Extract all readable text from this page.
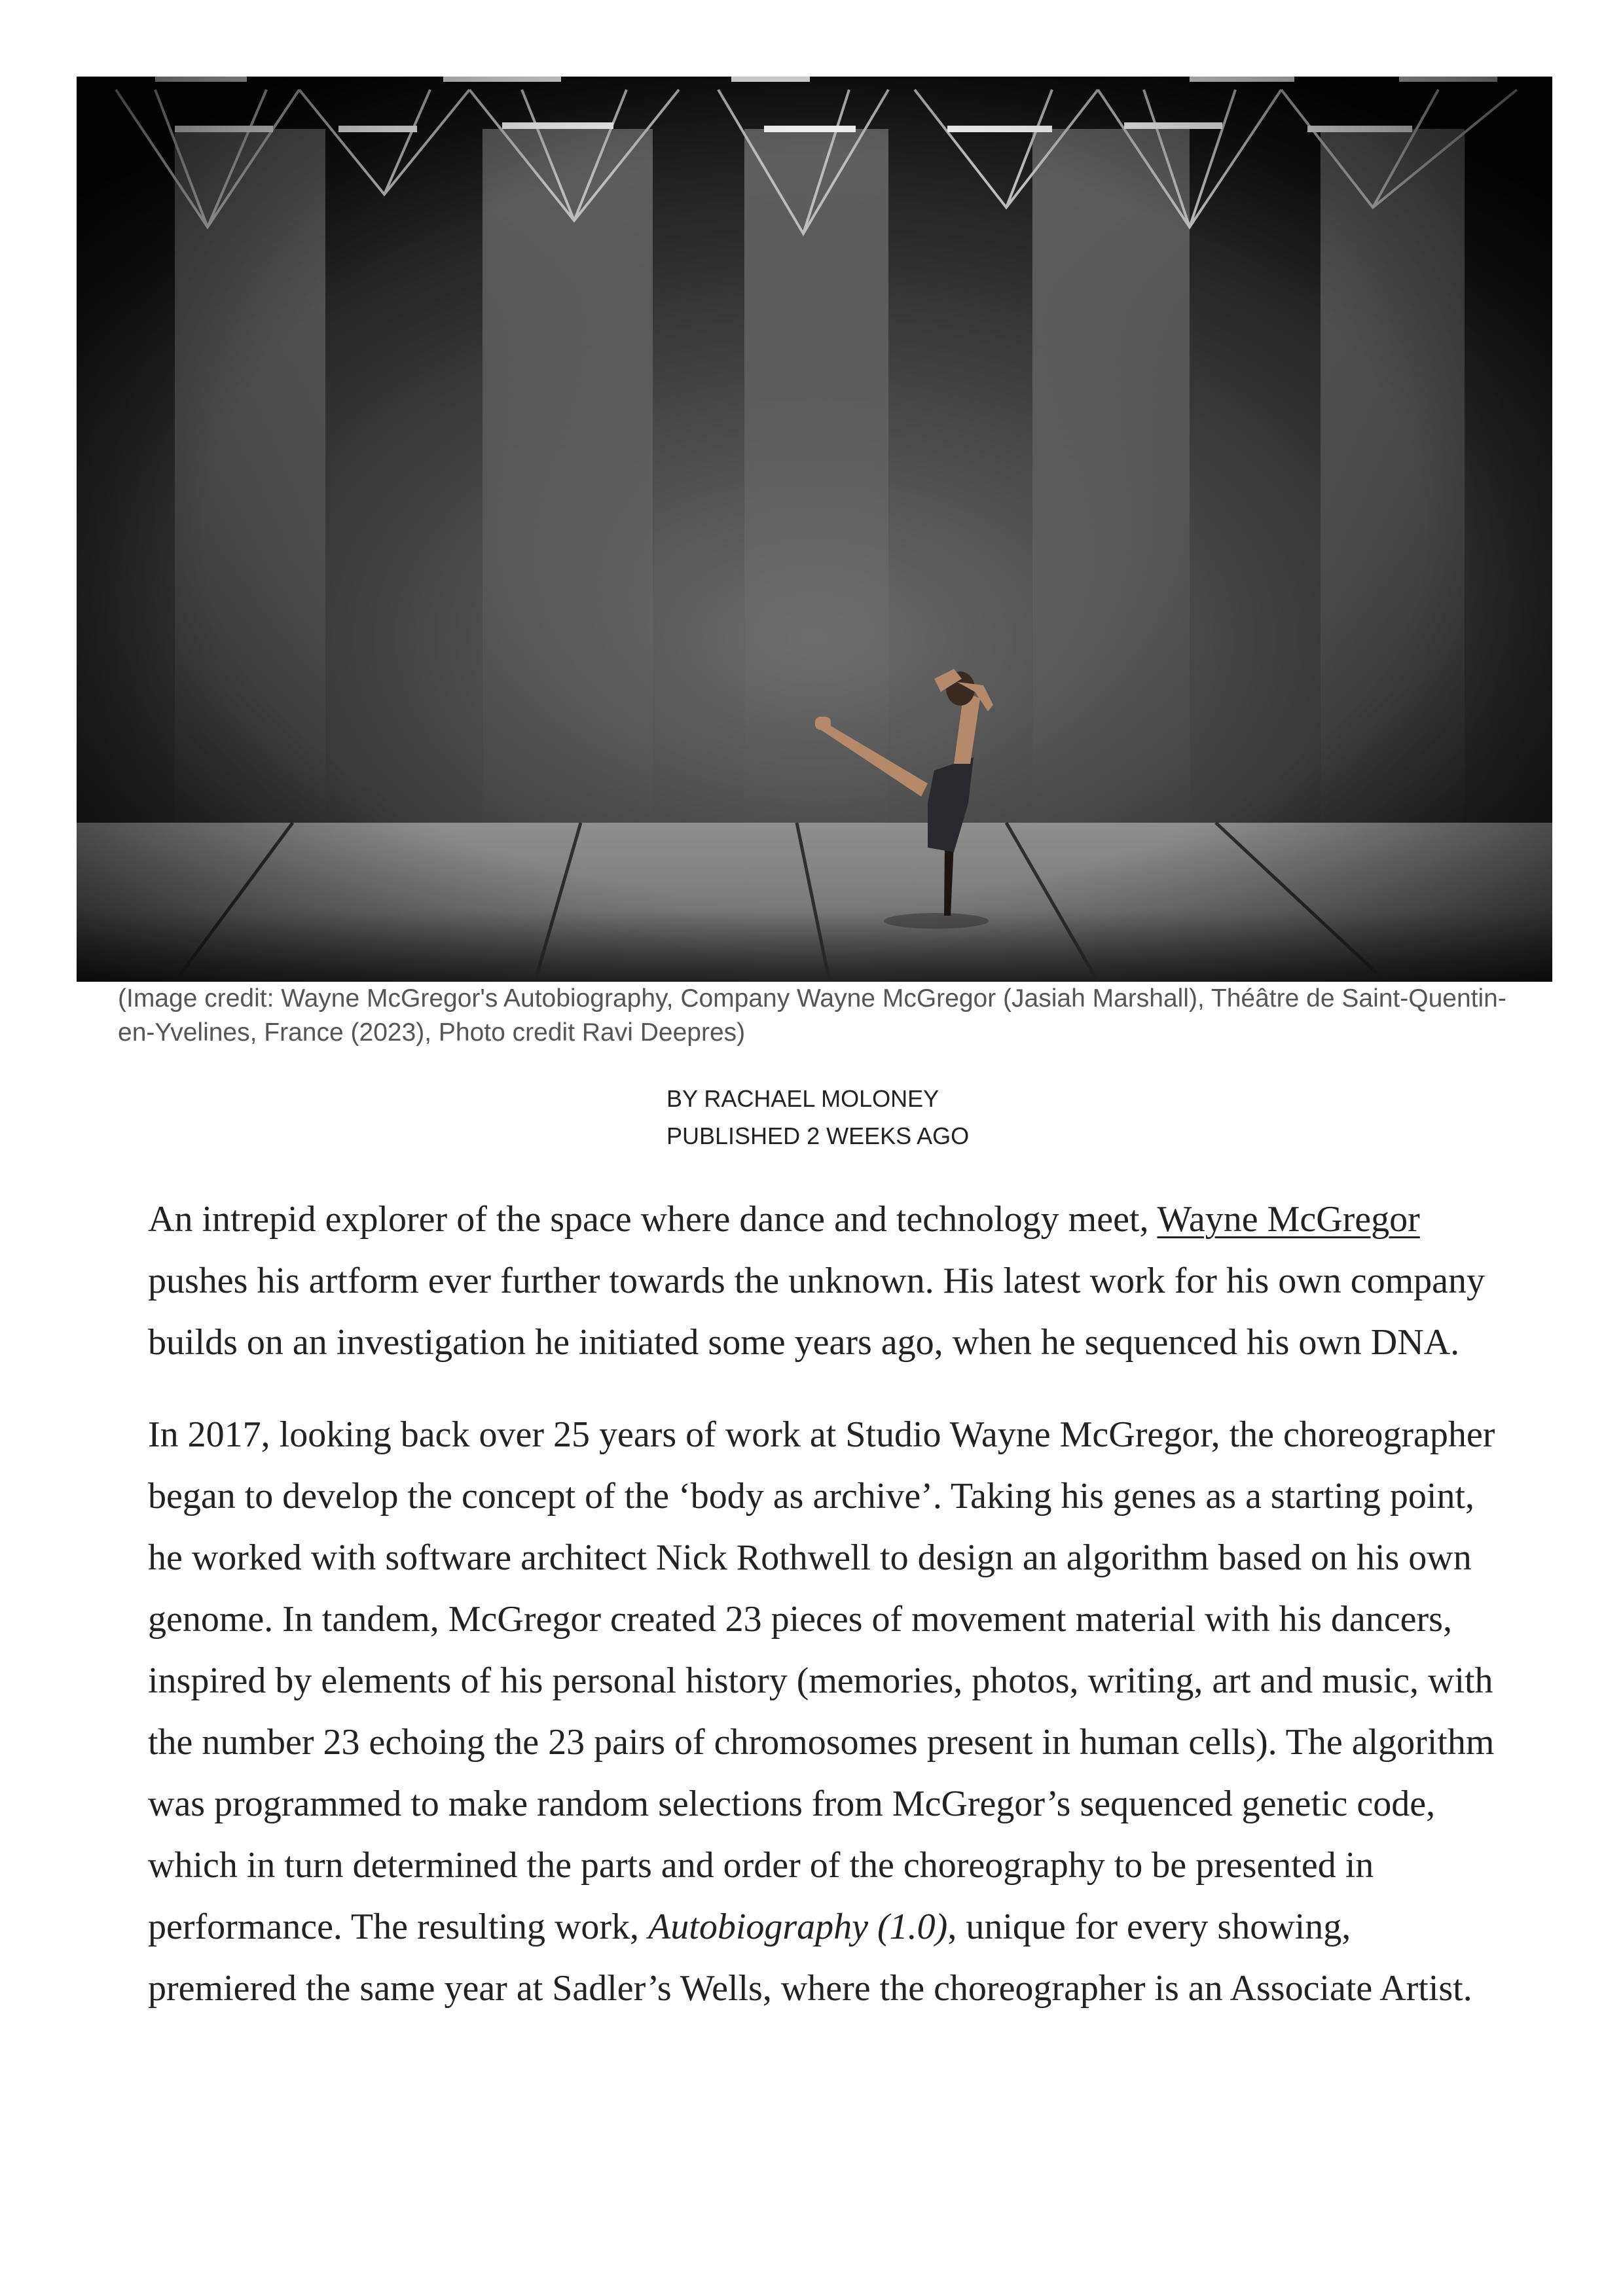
(Image credit: Wayne McGregor's Autobiography, Company Wayne McGregor (Jasiah Marshall), Théâtre de Saint-Quentin-en-Yvelines, France (2023), Photo credit Ravi Deepres)

BY RACHAEL MOLONEY
PUBLISHED 2 WEEKS AGO

An intrepid explorer of the space where dance and technology meet, Wayne McGregor pushes his artform ever further towards the unknown. His latest work for his own company builds on an investigation he initiated some years ago, when he sequenced his own DNA.

In 2017, looking back over 25 years of work at Studio Wayne McGregor, the choreographer began to develop the concept of the ‘body as archive’. Taking his genes as a starting point, he worked with software architect Nick Rothwell to design an algorithm based on his own genome. In tandem, McGregor created 23 pieces of movement material with his dancers, inspired by elements of his personal history (memories, photos, writing, art and music, with the number 23 echoing the 23 pairs of chromosomes present in human cells). The algorithm was programmed to make random selections from McGregor’s sequenced genetic code, which in turn determined the parts and order of the choreography to be presented in performance. The resulting work, Autobiography (1.0), unique for every showing, premiered the same year at Sadler’s Wells, where the choreographer is an Associate Artist.
